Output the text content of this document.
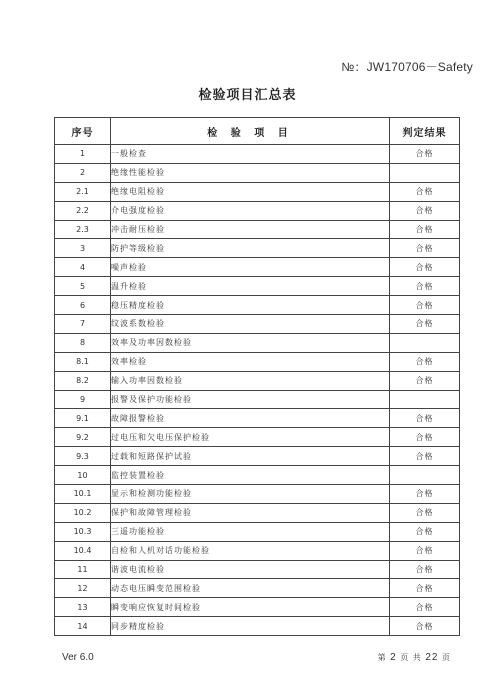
№：JW170706－Safety
检验项目汇总表
序号	检 验 项 目	判定结果
1	一般检查	合格
2	绝缘性能检验	
2.1	绝缘电阻检验	合格
2.2	介电强度检验	合格
2.3	冲击耐压检验	合格
3	防护等级检验	合格
4	噪声检验	合格
5	温升检验	合格
6	稳压精度检验	合格
7	纹波系数检验	合格
8	效率及功率因数检验	
8.1	效率检验	合格
8.2	输入功率因数检验	合格
9	报警及保护功能检验	
9.1	故障报警检验	合格
9.2	过电压和欠电压保护检验	合格
9.3	过载和短路保护试验	合格
10	监控装置检验	
10.1	显示和检测功能检验	合格
10.2	保护和故障管理检验	合格
10.3	三遥功能检验	合格
10.4	自检和人机对话功能检验	合格
11	谐波电流检验	合格
12	动态电压瞬变范围检验	合格
13	瞬变响应恢复时间检验	合格
14	同步精度检验	合格
Ver 6.0	第 2 页 共 22 页
